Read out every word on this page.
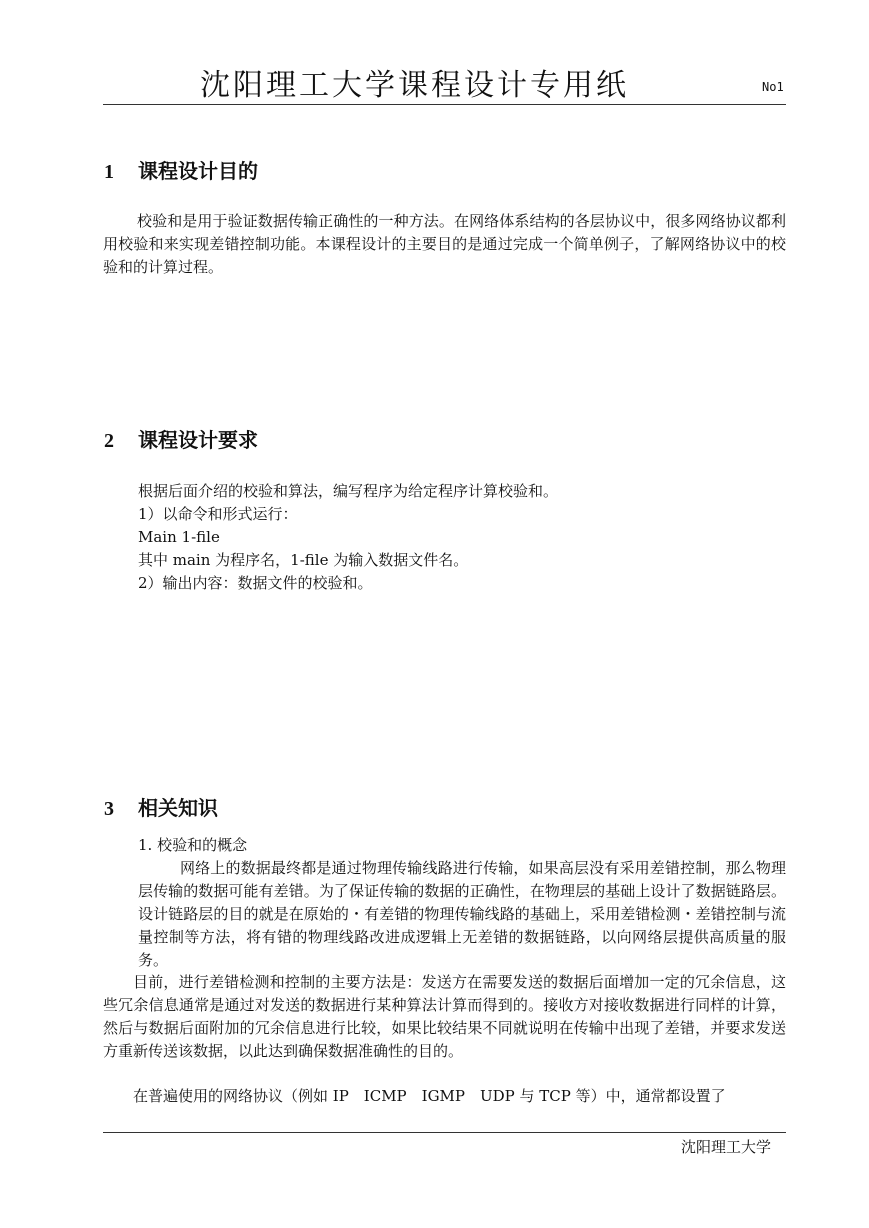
沈阳理工大学课程设计专用纸	No1
1 课程设计目的
校验和是用于验证数据传输正确性的一种方法。在网络体系结构的各层协议中，很多网络协议都利用校验和来实现差错控制功能。本课程设计的主要目的是通过完成一个简单例子，了解网络协议中的校验和的计算过程。
2 课程设计要求
根据后面介绍的校验和算法，编写程序为给定程序计算校验和。
1）以命令和形式运行：
Main 1-file
其中 main 为程序名，1-file 为输入数据文件名。
2）输出内容：数据文件的校验和。
3 相关知识
1. 校验和的概念
网络上的数据最终都是通过物理传输线路进行传输，如果高层没有采用差错控制，那么物理层传输的数据可能有差错。为了保证传输的数据的正确性，在物理层的基础上设计了数据链路层。设计链路层的目的就是在原始的・有差错的物理传输线路的基础上，采用差错检测・差错控制与流量控制等方法，将有错的物理线路改进成逻辑上无差错的数据链路，以向网络层提供高质量的服务。
目前，进行差错检测和控制的主要方法是：发送方在需要发送的数据后面增加一定的冗余信息，这些冗余信息通常是通过对发送的数据进行某种算法计算而得到的。接收方对接收数据进行同样的计算，然后与数据后面附加的冗余信息进行比较，如果比较结果不同就说明在传输中出现了差错，并要求发送方重新传送该数据，以此达到确保数据准确性的目的。
在普遍使用的网络协议（例如 IP　ICMP　IGMP　UDP 与 TCP 等）中，通常都设置了
沈阳理工大学
